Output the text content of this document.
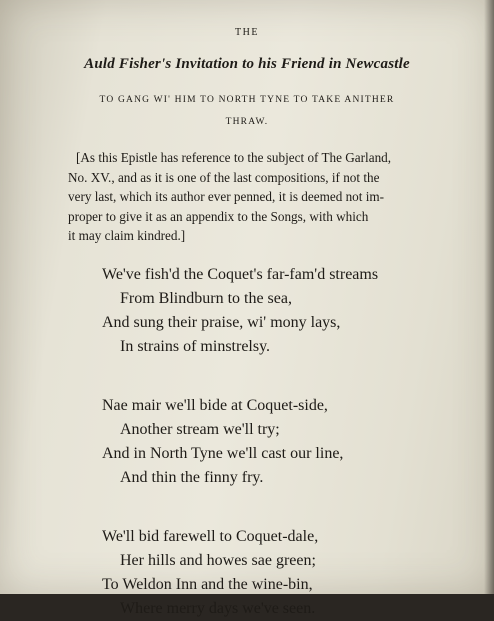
THE
Auld Fisher's Invitation to his Friend in Newcastle
TO GANG WI' HIM TO NORTH TYNE TO TAKE ANITHER
THRAW.
[As this Epistle has reference to the subject of The Garland,
No. XV., and as it is one of the last compositions, if not the
very last, which its author ever penned, it is deemed not im-
proper to give it as an appendix to the Songs, with which
it may claim kindred.]
We've fish'd the Coquet's far-fam'd streams
From Blindburn to the sea,
And sung their praise, wi' mony lays,
In strains of minstrelsy.
Nae mair we'll bide at Coquet-side,
Another stream we'll try;
And in North Tyne we'll cast our line,
And thin the finny fry.
We'll bid farewell to Coquet-dale,
Her hills and howes sae green;
To Weldon Inn and the wine-bin,
Where merry days we've seen.
